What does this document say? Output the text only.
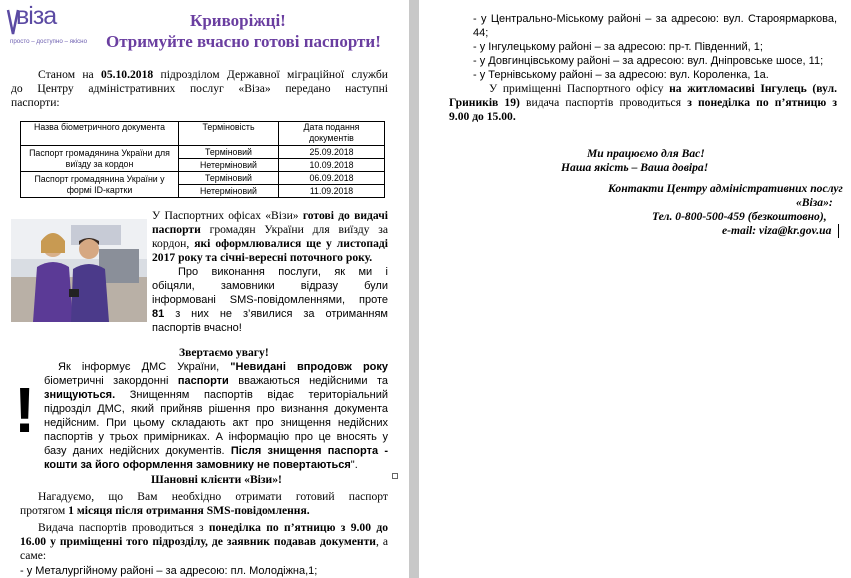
віза
просто – доступно – якісно
Криворіжці!
Отримуйте вчасно готові паспорти!
Станом на 05.10.2018 підрозділом Державної міграційної служби
до Центру адміністративних послуг «Віза» передано наступні
паспорти:
Назва біометричного документа	Терміновість	Дата подання документів
Паспорт громадянина України для виїзду за кордон	Терміновий	25.09.2018
	Нетерміновий	10.09.2018
Паспорт громадянина України у формі ID-картки	Терміновий	06.09.2018
	Нетерміновий	11.09.2018
У Паспортних офісах «Візи» готові до видачі
паспорти громадян України для виїзду за
кордон, які оформлювалися ще у листопаді
2017 року та січні-вересні поточного року.
Про виконання послуги, як ми і
обіцяли, замовники відразу були
інформовані SMS-повідомленнями, проте
81 з них не з’явилися за отриманням
паспортів вчасно!
Звертаємо увагу!
!
Як інформує ДМС України, "Невидані впродовж року
біометричні закордонні паспорти вважаються недійсними та
знищуються. Знищенням паспортів відає територіальний
підрозділ ДМС, який прийняв рішення про визнання документа
недійсним. При цьому складають акт про знищення недійсних
паспортів у трьох примірниках. А інформацію про це вносять у
базу даних недійсних документів. Після знищення паспорта -
кошти за його оформлення замовнику не повертаються".
Шановні клієнти «Візи»!
Нагадуємо, що Вам необхідно отримати готовий паспорт
протягом 1 місяця після отримання SMS-повідомлення.
Видача паспортів проводиться з понеділка по п’ятницю з 9.00 до
16.00 у приміщенні того підрозділу, де заявник подавав документи, а
саме:
- у Металургійному районі – за адресою: пл. Молодіжна,1;
- у Центрально-Міському районі – за адресою: вул. Староярмаркова,
44;
- у Інгулецькому районі – за адресою: пр-т. Південний, 1;
- у Довгинцівському районі – за адресою: вул. Дніпровське шосе, 11;
- у Тернівському районі – за адресою: вул. Короленка, 1а.
У приміщенні Паспортного офісу на житломасиві Інгулець (вул.
Гриників 19) видача паспортів проводиться з понеділка по п’ятницю з
9.00 до 15.00.
Ми працюємо для Вас!
Наша якість – Ваша довіра!
Контакти Центру адміністративних послуг
«Віза»:
Тел. 0-800-500-459 (безкоштовно),
e-mail: viza@kr.gov.ua
